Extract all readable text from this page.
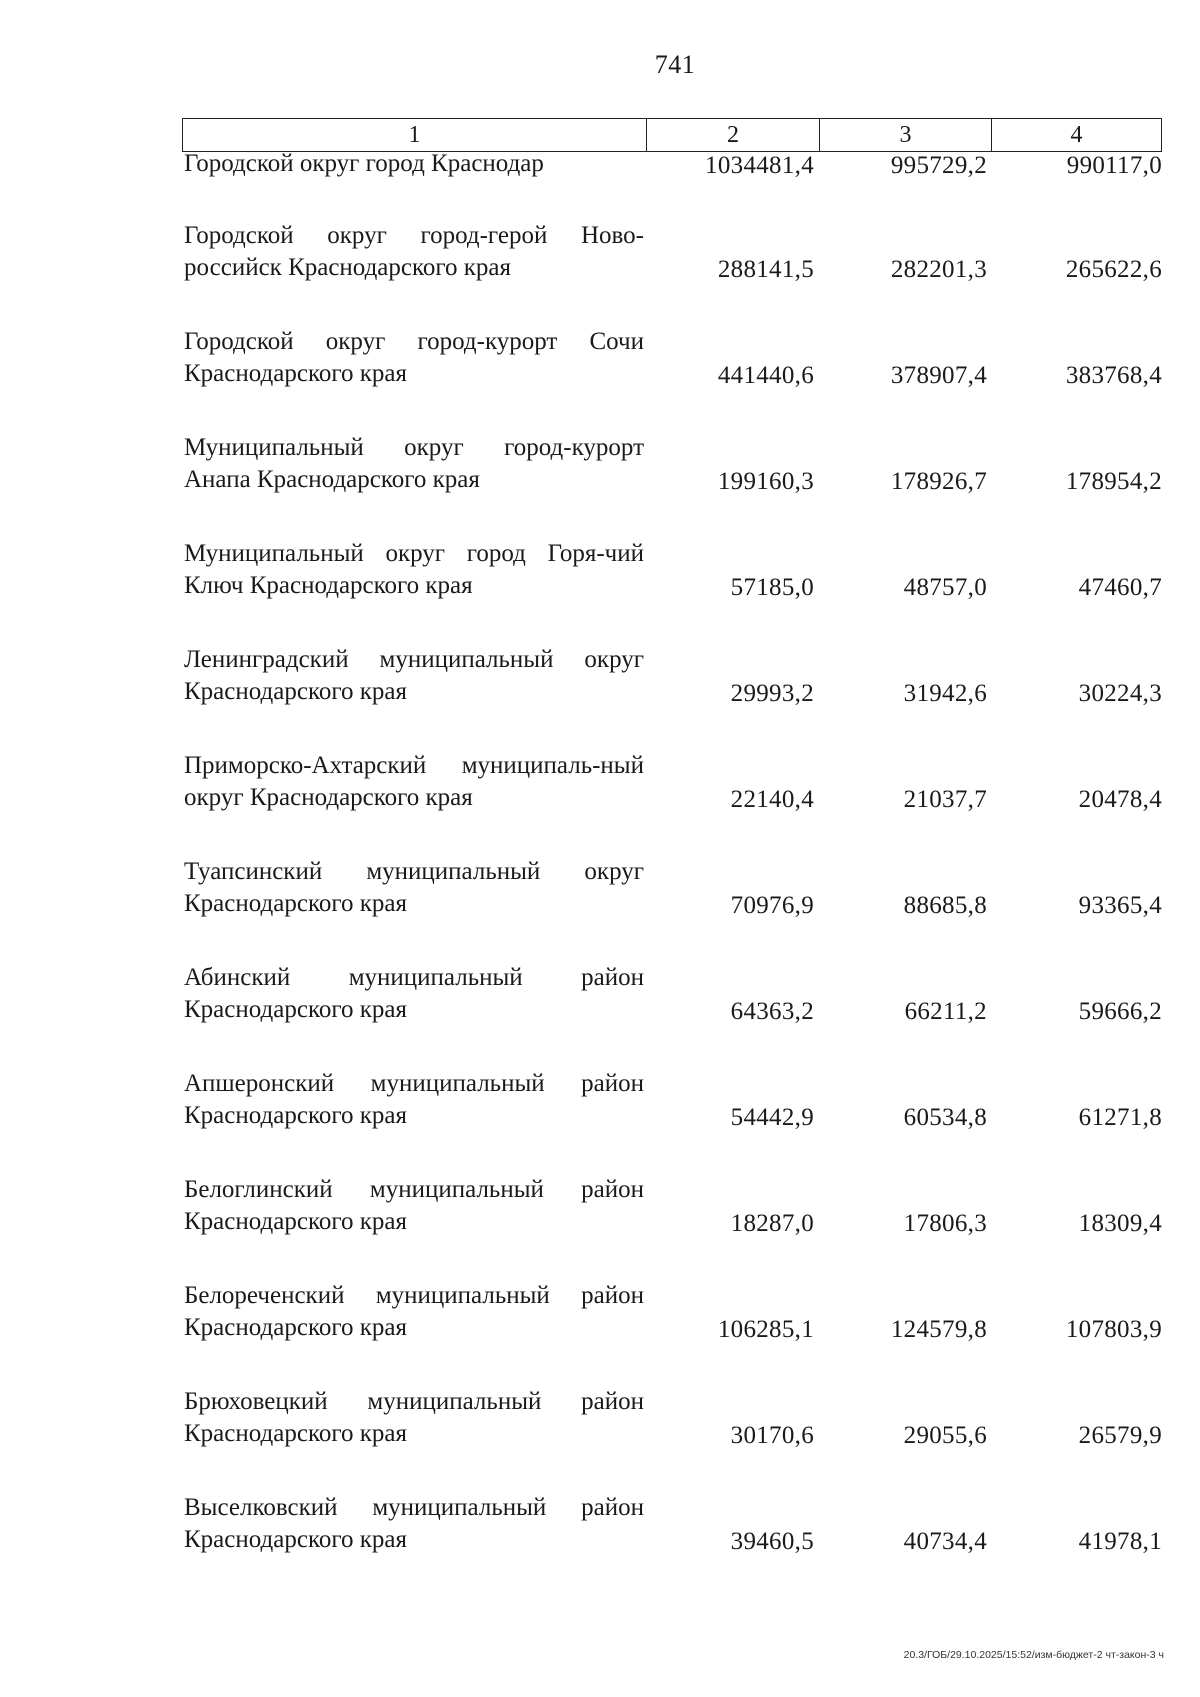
741
1	2	3	4
Городской округ город Краснодар	1034481,4	995729,2	990117,0
Городской округ город-герой Ново-российск Краснодарского края	288141,5	282201,3	265622,6
Городской округ город-курорт Сочи Краснодарского края	441440,6	378907,4	383768,4
Муниципальный округ город-курорт Анапа Краснодарского края	199160,3	178926,7	178954,2
Муниципальный округ город Горя-чий Ключ Краснодарского края	57185,0	48757,0	47460,7
Ленинградский муниципальный округ Краснодарского края	29993,2	31942,6	30224,3
Приморско-Ахтарский муниципаль-ный округ Краснодарского края	22140,4	21037,7	20478,4
Туапсинский муниципальный округ Краснодарского края	70976,9	88685,8	93365,4
Абинский муниципальный район Краснодарского края	64363,2	66211,2	59666,2
Апшеронский муниципальный район Краснодарского края	54442,9	60534,8	61271,8
Белоглинский муниципальный район Краснодарского края	18287,0	17806,3	18309,4
Белореченский муниципальный район Краснодарского края	106285,1	124579,8	107803,9
Брюховецкий муниципальный район Краснодарского края	30170,6	29055,6	26579,9
Выселковский муниципальный район Краснодарского края	39460,5	40734,4	41978,1
20.3/ГОБ/29.10.2025/15:52/изм-бюджет-2 чт-закон-3 ч
